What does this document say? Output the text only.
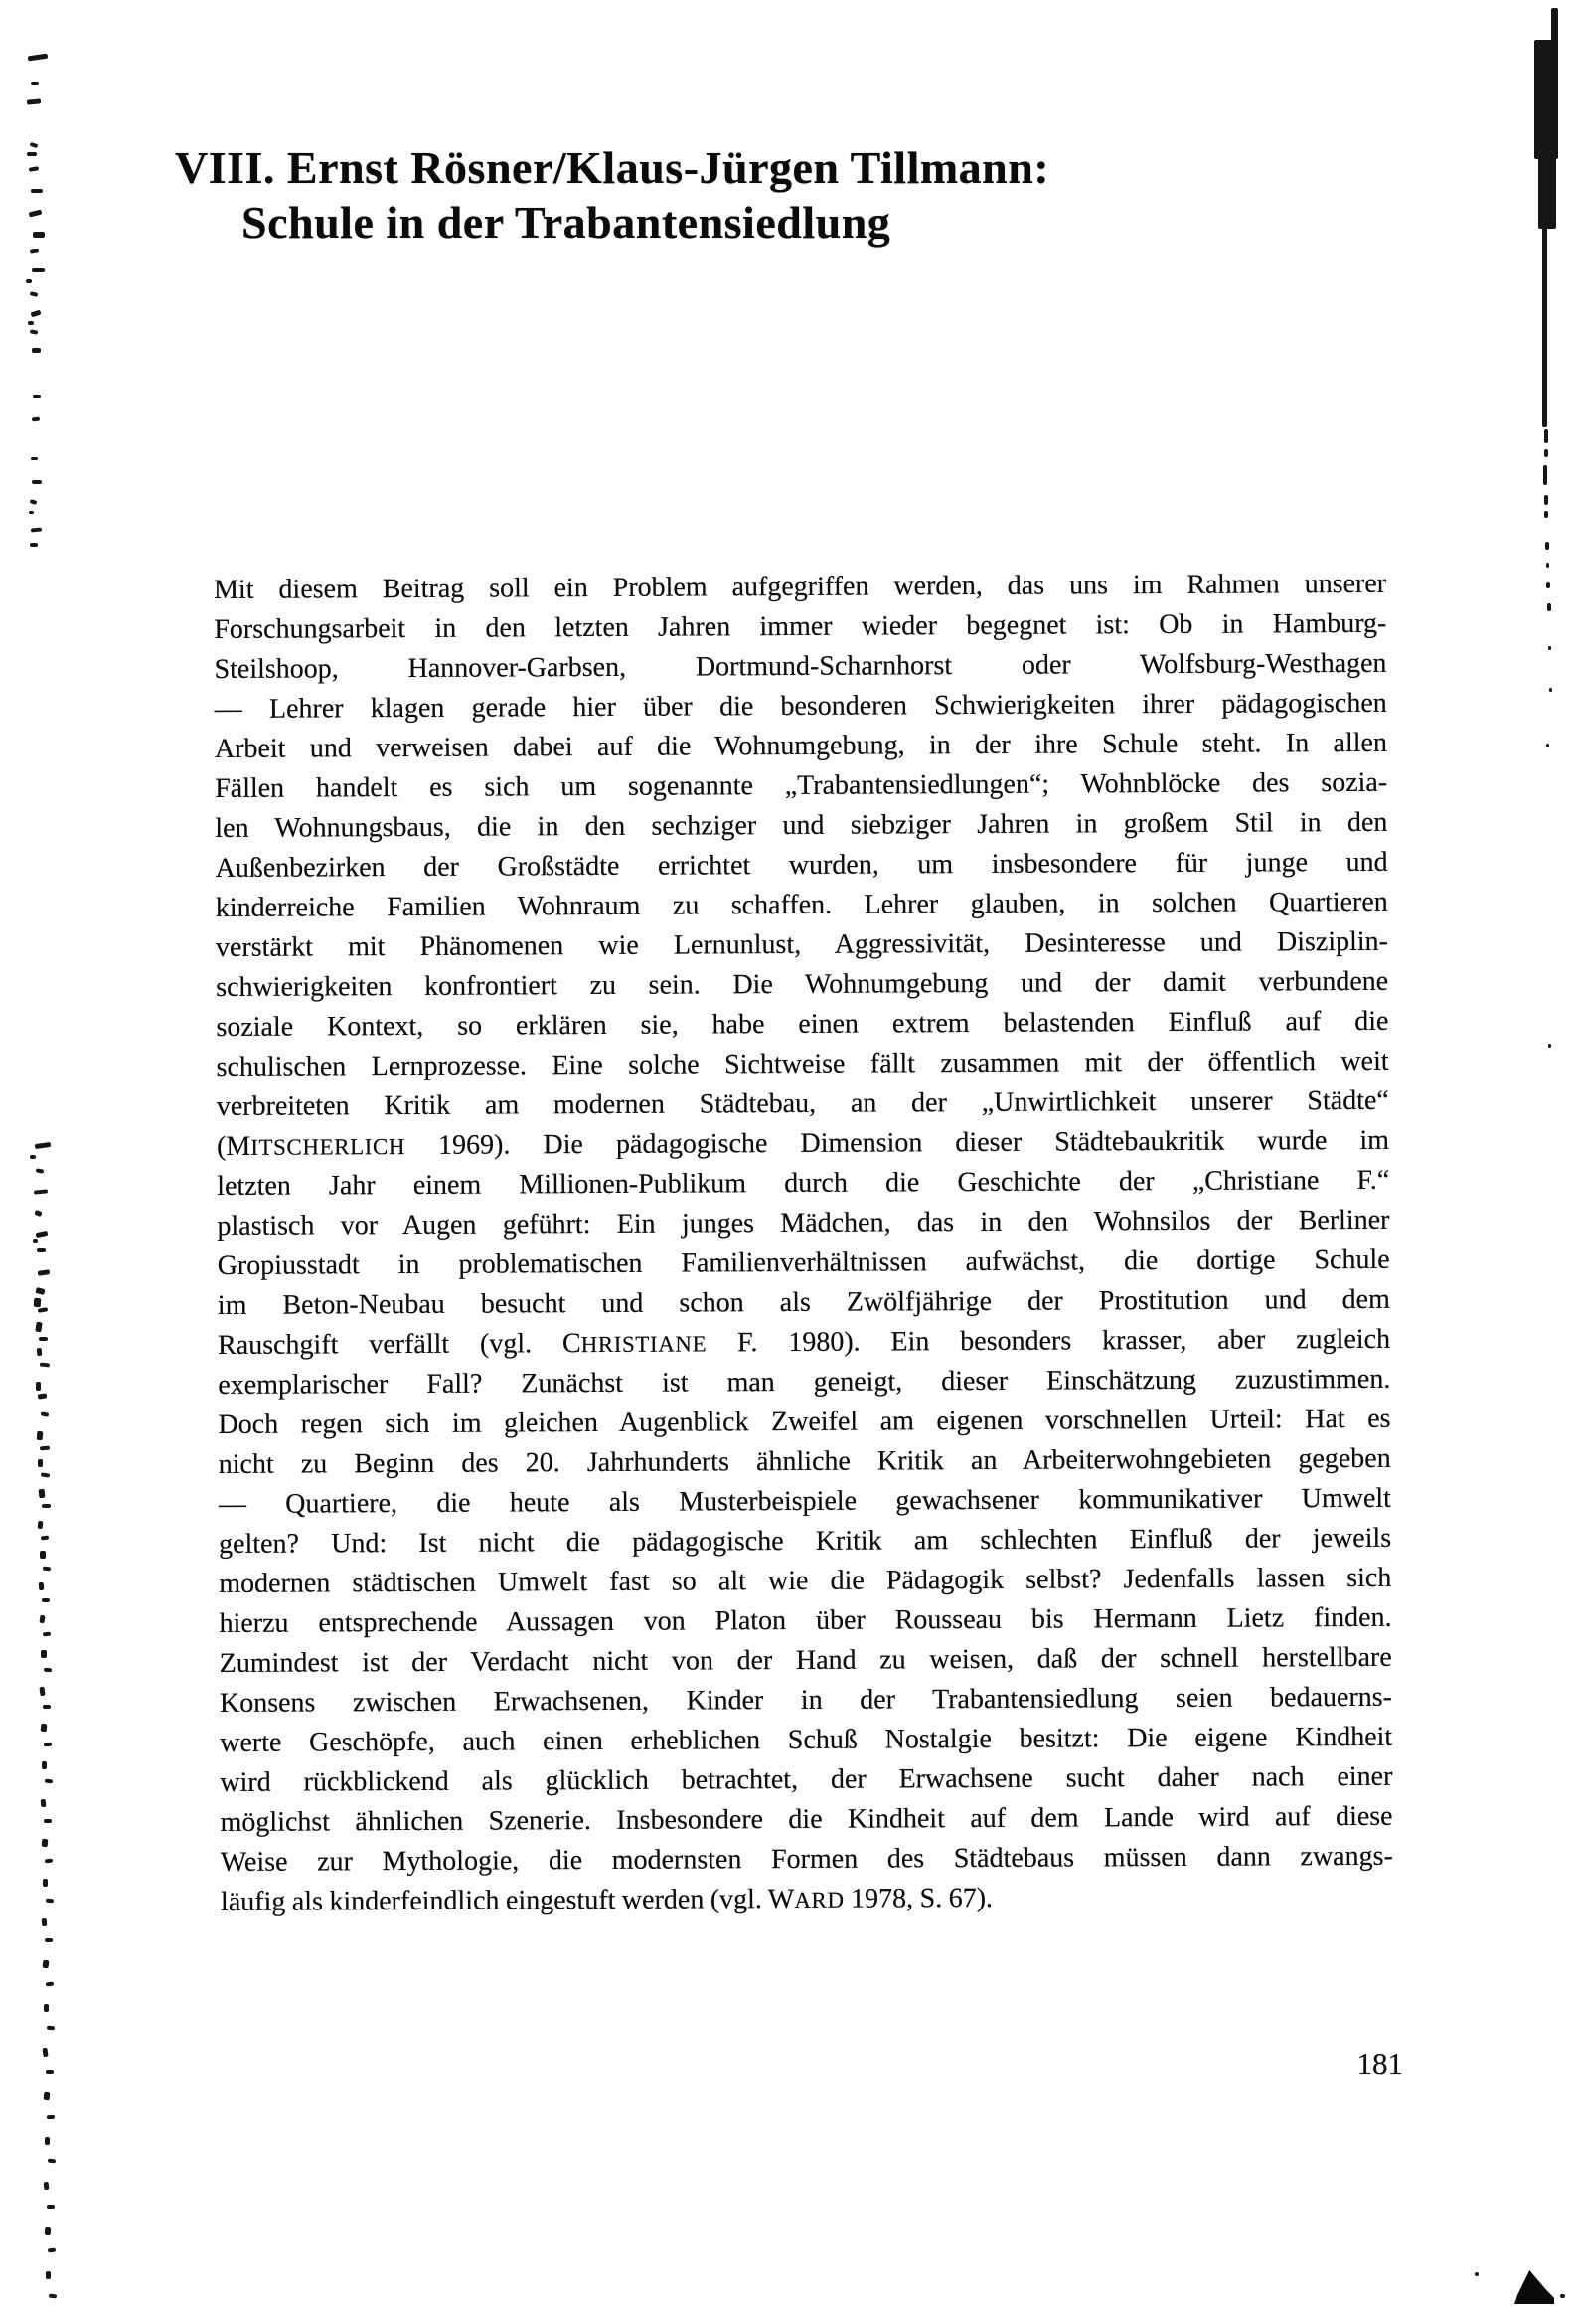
VIII. Ernst Rösner/Klaus-Jürgen Tillmann:
Schule in der Trabantensiedlung
Mit diesem Beitrag soll ein Problem aufgegriffen werden, das uns im Rahmen unserer
Forschungsarbeit in den letzten Jahren immer wieder begegnet ist: Ob in Hamburg-
Steilshoop, Hannover-Garbsen, Dortmund-Scharnhorst oder Wolfsburg-Westhagen
— Lehrer klagen gerade hier über die besonderen Schwierigkeiten ihrer pädagogischen
Arbeit und verweisen dabei auf die Wohnumgebung, in der ihre Schule steht. In allen
Fällen handelt es sich um sogenannte „Trabantensiedlungen“; Wohnblöcke des sozia-
len Wohnungsbaus, die in den sechziger und siebziger Jahren in großem Stil in den
Außenbezirken der Großstädte errichtet wurden, um insbesondere für junge und
kinderreiche Familien Wohnraum zu schaffen. Lehrer glauben, in solchen Quartieren
verstärkt mit Phänomenen wie Lernunlust, Aggressivität, Desinteresse und Disziplin-
schwierigkeiten konfrontiert zu sein. Die Wohnumgebung und der damit verbundene
soziale Kontext, so erklären sie, habe einen extrem belastenden Einfluß auf die
schulischen Lernprozesse. Eine solche Sichtweise fällt zusammen mit der öffentlich weit
verbreiteten Kritik am modernen Städtebau, an der „Unwirtlichkeit unserer Städte“
(MITSCHERLICH 1969). Die pädagogische Dimension dieser Städtebaukritik wurde im
letzten Jahr einem Millionen-Publikum durch die Geschichte der „Christiane F.“
plastisch vor Augen geführt: Ein junges Mädchen, das in den Wohnsilos der Berliner
Gropiusstadt in problematischen Familienverhältnissen aufwächst, die dortige Schule
im Beton-Neubau besucht und schon als Zwölfjährige der Prostitution und dem
Rauschgift verfällt (vgl. CHRISTIANE F. 1980). Ein besonders krasser, aber zugleich
exemplarischer Fall? Zunächst ist man geneigt, dieser Einschätzung zuzustimmen.
Doch regen sich im gleichen Augenblick Zweifel am eigenen vorschnellen Urteil: Hat es
nicht zu Beginn des 20. Jahrhunderts ähnliche Kritik an Arbeiterwohngebieten gegeben
— Quartiere, die heute als Musterbeispiele gewachsener kommunikativer Umwelt
gelten? Und: Ist nicht die pädagogische Kritik am schlechten Einfluß der jeweils
modernen städtischen Umwelt fast so alt wie die Pädagogik selbst? Jedenfalls lassen sich
hierzu entsprechende Aussagen von Platon über Rousseau bis Hermann Lietz finden.
Zumindest ist der Verdacht nicht von der Hand zu weisen, daß der schnell herstellbare
Konsens zwischen Erwachsenen, Kinder in der Trabantensiedlung seien bedauerns-
werte Geschöpfe, auch einen erheblichen Schuß Nostalgie besitzt: Die eigene Kindheit
wird rückblickend als glücklich betrachtet, der Erwachsene sucht daher nach einer
möglichst ähnlichen Szenerie. Insbesondere die Kindheit auf dem Lande wird auf diese
Weise zur Mythologie, die modernsten Formen des Städtebaus müssen dann zwangs-
läufig als kinderfeindlich eingestuft werden (vgl. WARD 1978, S. 67).
181
